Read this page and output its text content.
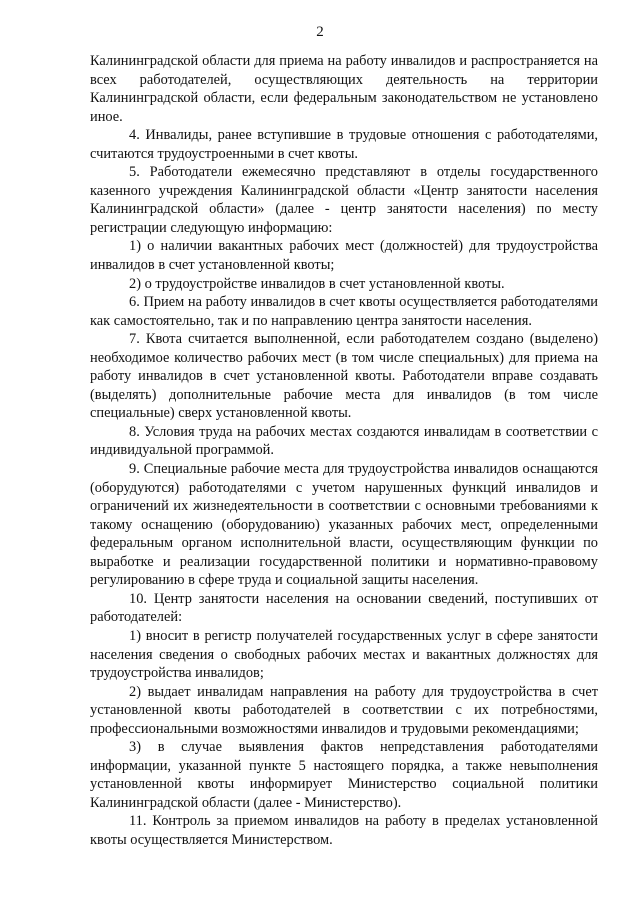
2

Калининградской области для приема на работу инвалидов и распространяется на всех работодателей, осуществляющих деятельность на территории Калининградской области, если федеральным законодательством не установлено иное.

4. Инвалиды, ранее вступившие в трудовые отношения с работодателями, считаются трудоустроенными в счет квоты.

5. Работодатели ежемесячно представляют в отделы государственного казенного учреждения Калининградской области «Центр занятости населения Калининградской области» (далее - центр занятости населения) по месту регистрации следующую информацию:

1) о наличии вакантных рабочих мест (должностей) для трудоустройства инвалидов в счет установленной квоты;

2) о трудоустройстве инвалидов в счет установленной квоты.

6. Прием на работу инвалидов в счет квоты осуществляется работодателями как самостоятельно, так и по направлению центра занятости населения.

7. Квота считается выполненной, если работодателем создано (выделено) необходимое количество рабочих мест (в том числе специальных) для приема на работу инвалидов в счет установленной квоты. Работодатели вправе создавать (выделять) дополнительные рабочие места для инвалидов (в том числе специальные) сверх установленной квоты.

8. Условия труда на рабочих местах создаются инвалидам в соответствии с индивидуальной программой.

9. Специальные рабочие места для трудоустройства инвалидов оснащаются (оборудуются) работодателями с учетом нарушенных функций инвалидов и ограничений их жизнедеятельности в соответствии с основными требованиями к такому оснащению (оборудованию) указанных рабочих мест, определенными федеральным органом исполнительной власти, осуществляющим функции по выработке и реализации государственной политики и нормативно-правовому регулированию в сфере труда и социальной защиты населения.

10. Центр занятости населения на основании сведений, поступивших от работодателей:

1) вносит в регистр получателей государственных услуг в сфере занятости населения сведения о свободных рабочих местах и вакантных должностях для трудоустройства инвалидов;

2) выдает инвалидам направления на работу для трудоустройства в счет установленной квоты работодателей в соответствии с их потребностями, профессиональными возможностями инвалидов и трудовыми рекомендациями;

3) в случае выявления фактов непредставления работодателями информации, указанной пункте 5 настоящего порядка, а также невыполнения установленной квоты информирует Министерство социальной политики Калининградской области (далее - Министерство).

11. Контроль за приемом инвалидов на работу в пределах установленной квоты осуществляется Министерством.
